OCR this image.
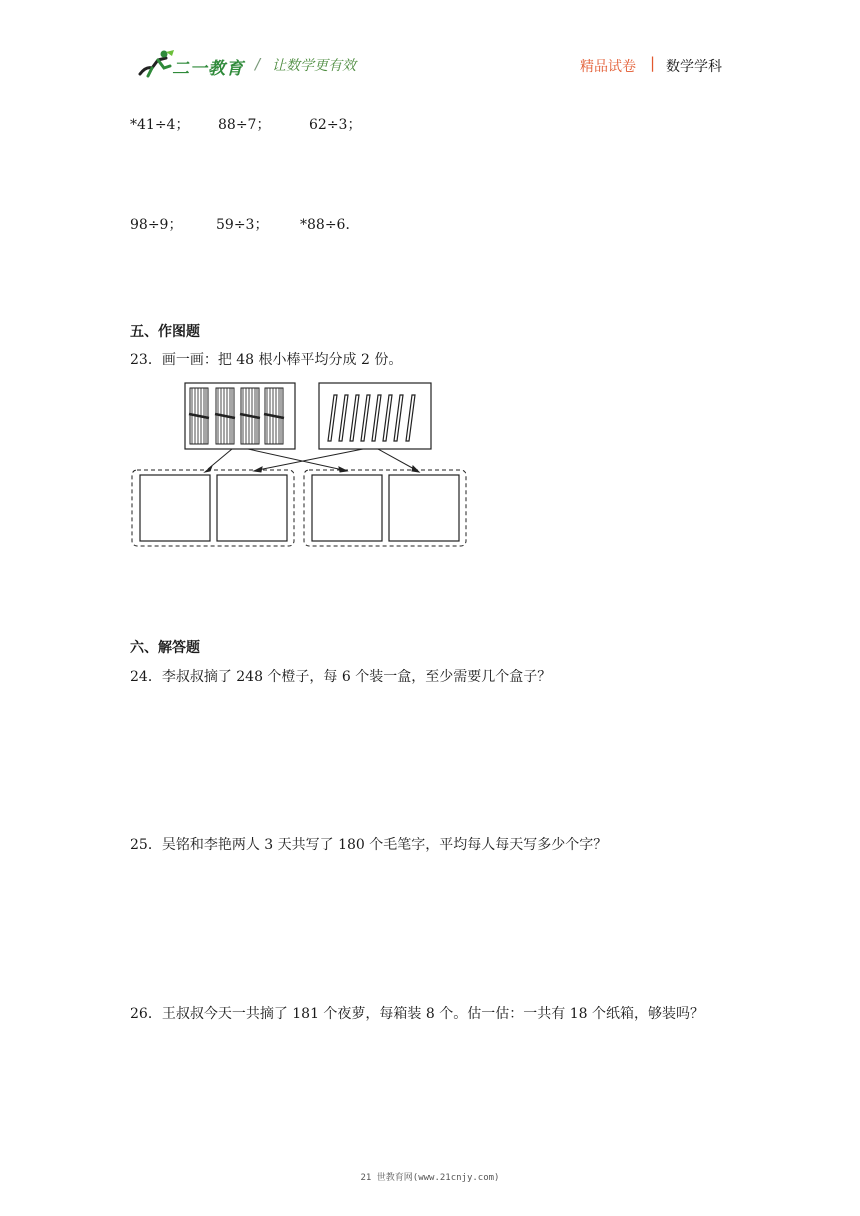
二一教育 / 让数学更有效	精品试卷 | 数学学科
*41÷4； 88÷7；	62÷3；
98÷9； 59÷3； *88÷6．
五、作图题
23．画一画：把 48 根小棒平均分成 2 份。
六、解答题
24．李叔叔摘了 248 个橙子，每 6 个装一盒，至少需要几个盒子？
25．吴铭和李艳两人 3 天共写了 180 个毛笔字，平均每人每天写多少个字？
26．王叔叔今天一共摘了 181 个夜萝，每箱装 8 个。估一估：一共有 18 个纸箱，够装吗？
21 世教育网(www.21cnjy.com)
